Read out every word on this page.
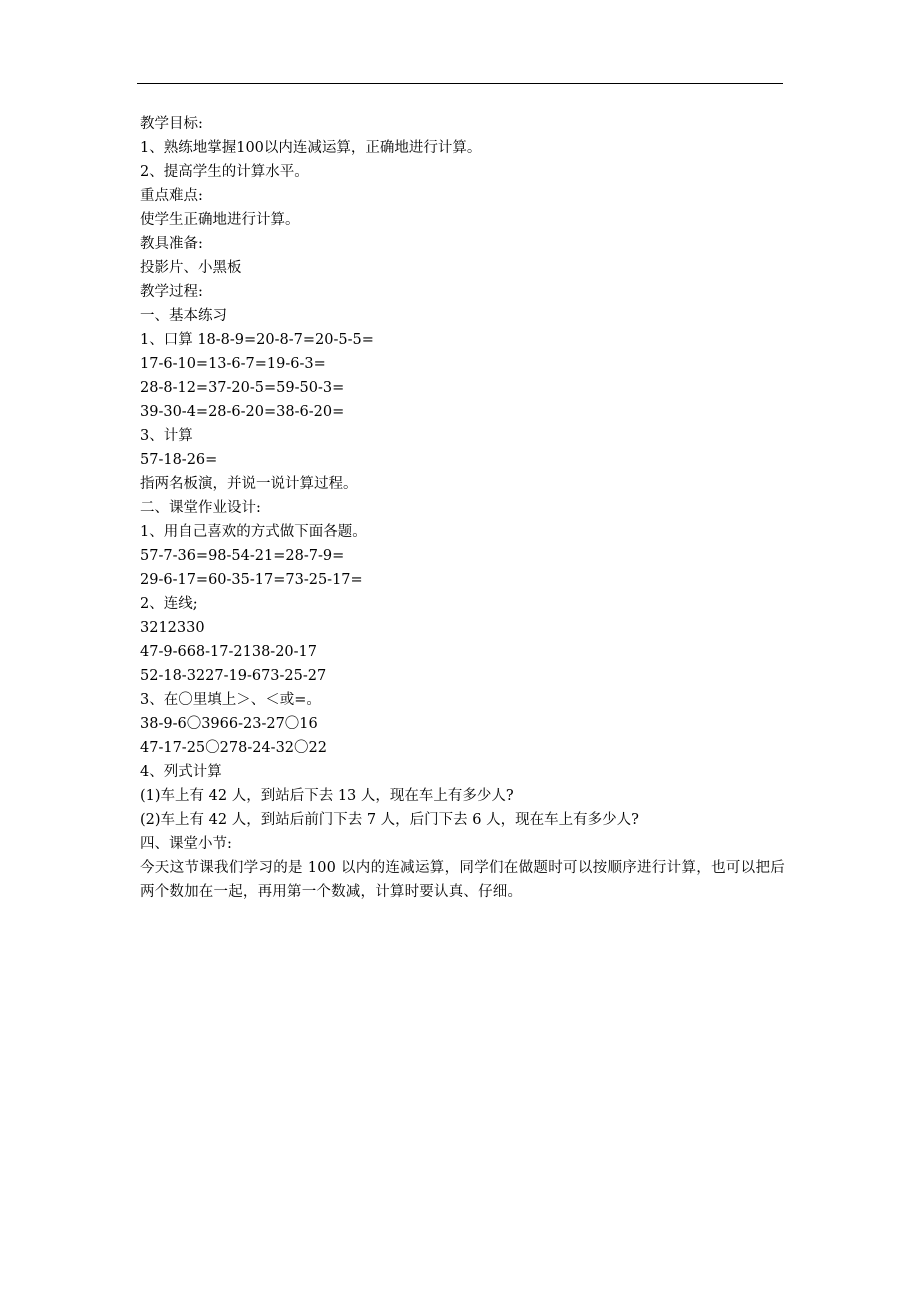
教学目标:
1、熟练地掌握100以内连减运算，正确地进行计算。
2、提高学生的计算水平。
重点难点:
使学生正确地进行计算。
教具准备:
投影片、小黑板
教学过程:
一、基本练习
1、口算 18-8-9=20-8-7=20-5-5=
17-6-10=13-6-7=19-6-3=
28-8-12=37-20-5=59-50-3=
39-30-4=28-6-20=38-6-20=
3、计算
57-18-26=
指两名板演，并说一说计算过程。
二、课堂作业设计:
1、用自己喜欢的方式做下面各题。
57-7-36=98-54-21=28-7-9=
29-6-17=60-35-17=73-25-17=
2、连线;
3212330
47-9-668-17-2138-20-17
52-18-3227-19-673-25-27
3、在〇里填上＞、＜或=。
38-9-6〇3966-23-27〇16
47-17-25〇278-24-32〇22
4、列式计算
(1)车上有 42 人，到站后下去 13 人，现在车上有多少人?
(2)车上有 42 人，到站后前门下去 7 人，后门下去 6 人，现在车上有多少人?
四、课堂小节:
今天这节课我们学习的是 100 以内的连减运算，同学们在做题时可以按顺序进行计算，也可以把后两个数加在一起，再用第一个数减，计算时要认真、仔细。
